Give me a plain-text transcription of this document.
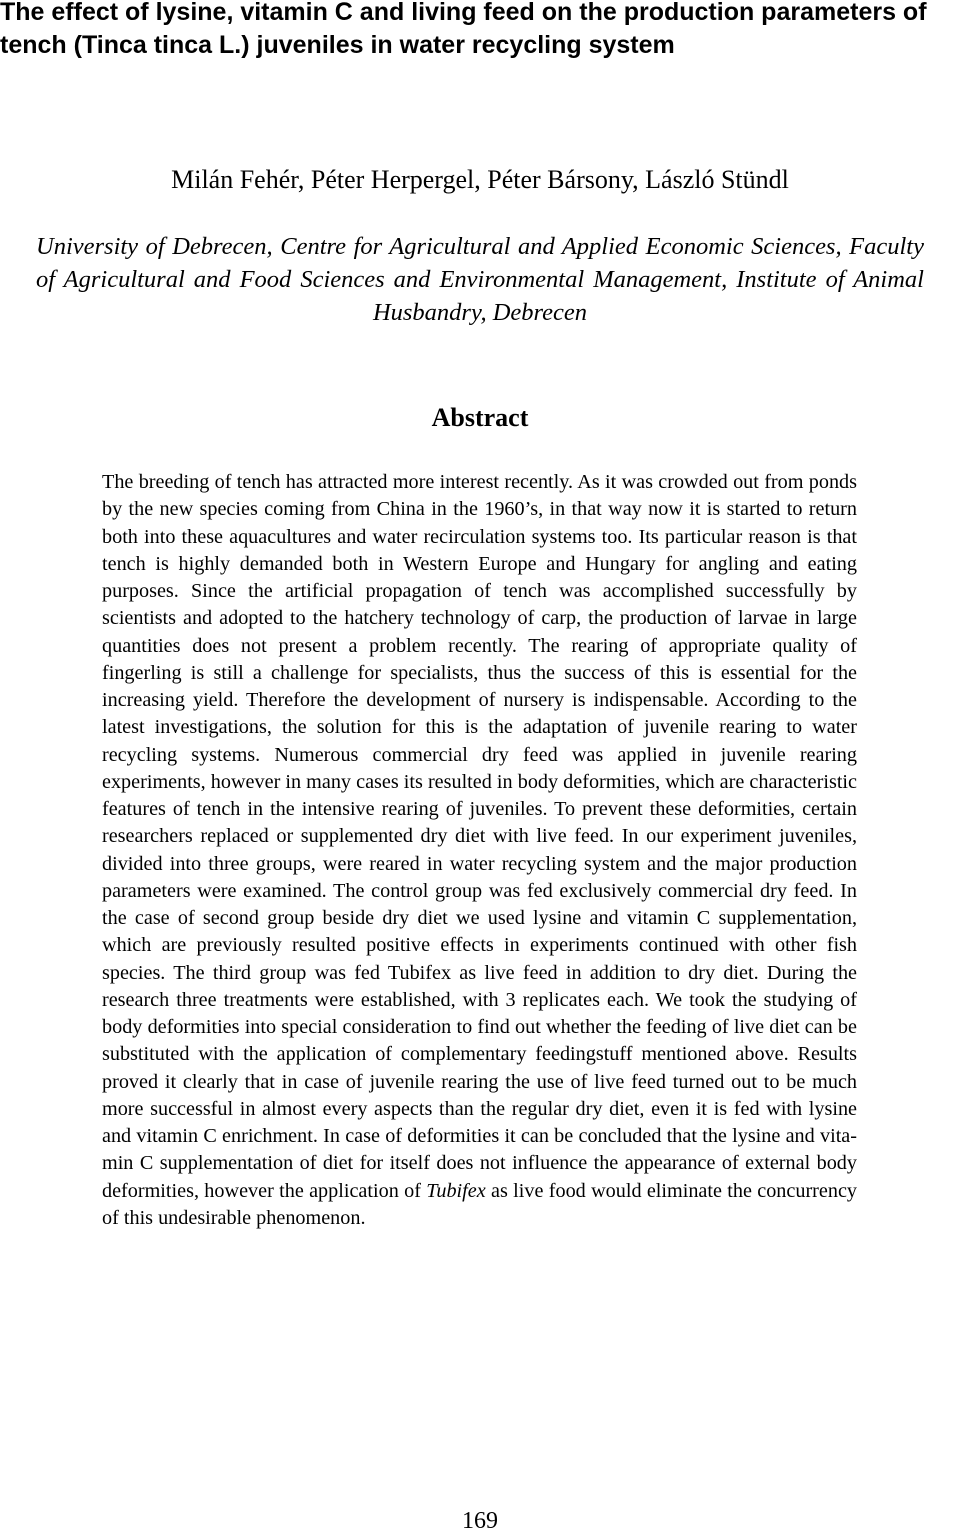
The effect of lysine, vitamin C and living feed on the production parameters of tench (Tinca tinca L.) juveniles in water recycling system
Milán Fehér, Péter Herpergel, Péter Bársony, László Stündl

University of Debrecen, Centre for Agricultural and Applied Economic Sciences, Faculty of Agricultural and Food Sciences and Environmental Management, Institute of Animal Husbandry, Debrecen

Abstract

The breeding of tench has attracted more interest recently. As it was crowded out from ponds by the new species coming from China in the 1960’s, in that way now it is started to return both into these aquacultures and water recirculation systems too. Its particular reason is that tench is highly demanded both in Western Europe and Hungary for angling and eating purposes. Since the artificial propagation of tench was accomplished successfully by scientists and adopted to the hatchery technology of carp, the production of larvae in large quantities does not present a problem recently. The rearing of appropriate quality of fingerling is still a challenge for specialists, thus the success of this is essential for the increasing yield. Therefore the development of nursery is indispensable. According to the latest investigations, the solution for this is the adaptation of juvenile rearing to water recycling systems. Numerous commercial dry feed was applied in juvenile rearing experiments, however in many cases its resulted in body deformities, which are characteristic features of tench in the intensive rearing of juveniles. To prevent these deformities, certain researchers replaced or supplemented dry diet with live feed. In our experiment juveniles, divided into three groups, were reared in water recycling system and the major production parameters were examined. The control group was fed exclusively commercial dry feed. In the case of second group beside dry diet we used lysine and vitamin C supplementation, which are previously resulted positive effects in experiments continued with other fish species. The third group was fed Tubifex as live feed in addition to dry diet. During the research three treatments were established, with 3 replicates each. We took the studying of body deformities into special consideration to find out whether the feeding of live diet can be substituted with the application of complementary feedingstuff mentioned above. Results proved it clearly that in case of juvenile rearing the use of live feed turned out to be much more successful in almost every aspects than the regular dry diet, even it is fed with lysine and vitamin C enrichment. In case of deformities it can be concluded that the lysine and vitamin C supplementation of diet for itself does not influence the appearance of external body deformities, however the application of Tubifex as live food would eliminate the concurrency of this undesirable phenomenon.

169
